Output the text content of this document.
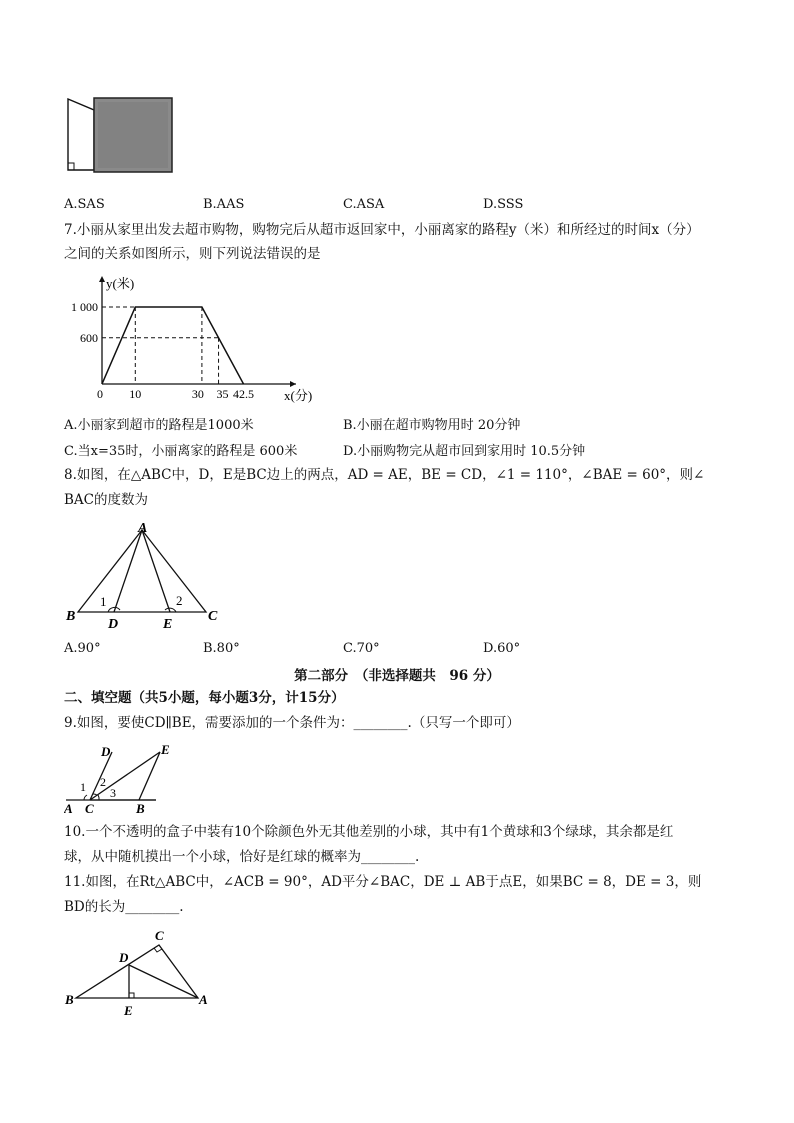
A.SAS	B.AAS	C.ASA	D.SSS
7.小丽从家里出发去超市购物，购物完后从超市返回家中，小丽离家的路程y（米）和所经过的时间x（分）
之间的关系如图所示，则下列说法错误的是
0 10	30 35 42.5
1 000
600
y(米)
x(分)
A.小丽家到超市的路程是1000米	B.小丽在超市购物用时 20分钟
C.当x=35时，小丽离家的路程是 600米	D.小丽购物完从超市回到家用时 10.5分钟
8.如图，在△ABC中，D，E是BC边上的两点，AD = AE，BE = CD，∠1 = 110°，∠BAE = 60°，则∠
BAC的度数为
A
B	C
D	E
1	2
A.90°	B.80°	C.70°	D.60°
第二部分　（非选择题共　96 分）
二、填空题（共5小题，每小题3分，计15分）
9.如图，要使CD∥BE，需要添加的一个条件为：________.（只写一个即可）
D	E
A C	B
1 2
3
10.一个不透明的盒子中装有10个除颜色外无其他差别的小球，其中有1个黄球和3个绿球，其余都是红
球，从中随机摸出一个小球，恰好是红球的概率为________.
11.如图，在Rt△ABC中，∠ACB = 90°，AD平分∠BAC，DE ⊥ AB于点E，如果BC = 8，DE = 3，则
BD的长为________.
C
D
B	A
E
